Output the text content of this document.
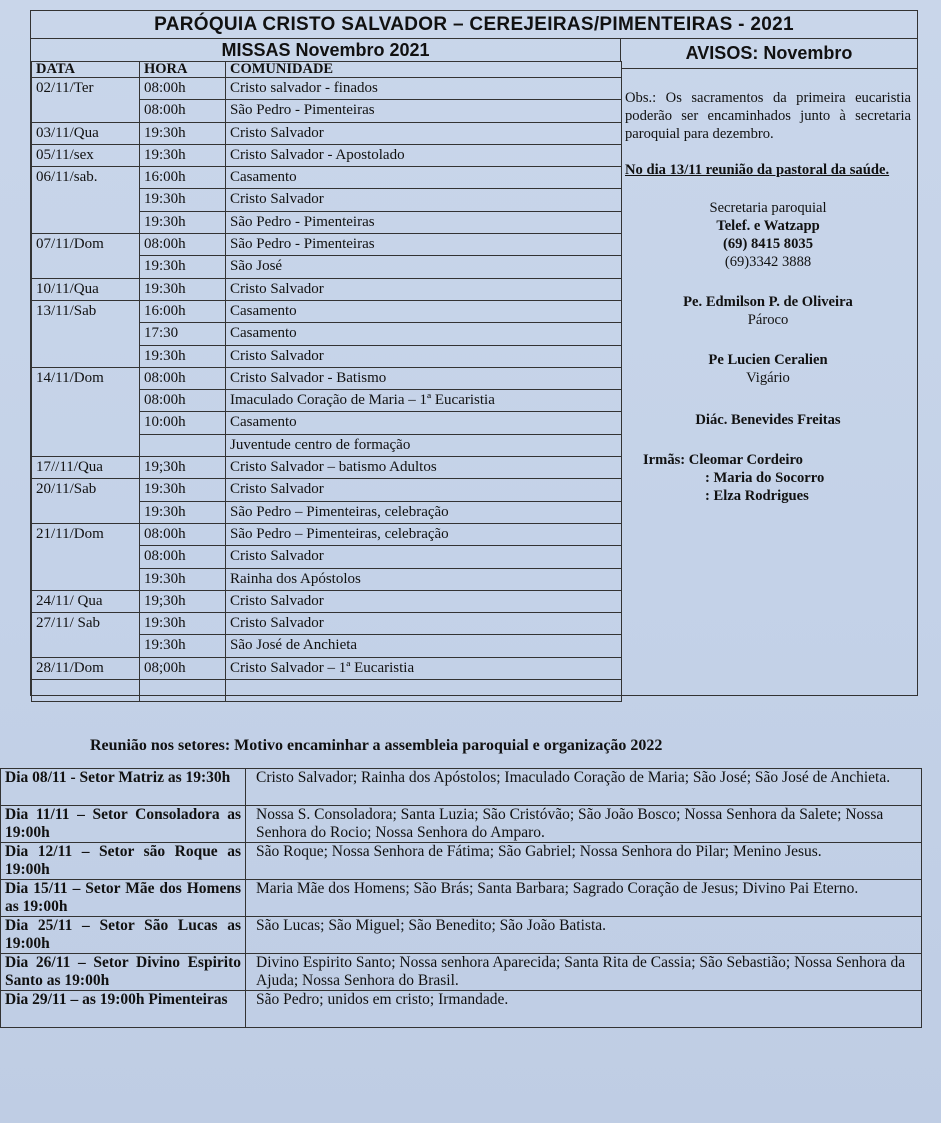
PARÓQUIA CRISTO SALVADOR – CEREJEIRAS/PIMENTEIRAS - 2021
MISSAS Novembro 2021	AVISOS: Novembro
DATA	HORA	COMUNIDADE
02/11/Ter	08:00h	Cristo salvador - finados
	08:00h	São Pedro - Pimenteiras
03/11/Qua	19:30h	Cristo Salvador
05/11/sex	19:30h	Cristo Salvador - Apostolado
06/11/sab.	16:00h	Casamento
	19:30h	Cristo Salvador
	19:30h	São Pedro - Pimenteiras
07/11/Dom	08:00h	São Pedro - Pimenteiras
	19:30h	São José
10/11/Qua	19:30h	Cristo Salvador
13/11/Sab	16:00h	Casamento
	17:30	Casamento
	19:30h	Cristo Salvador
14/11/Dom	08:00h	Cristo Salvador - Batismo
	08:00h	Imaculado Coração de Maria – 1ª Eucaristia
	10:00h	Casamento
		Juventude centro de formação
17//11/Qua	19;30h	Cristo Salvador – batismo Adultos
20/11/Sab	19:30h	Cristo Salvador
	19:30h	São Pedro – Pimenteiras, celebração
21/11/Dom	08:00h	São Pedro – Pimenteiras, celebração
	08:00h	Cristo Salvador
	19:30h	Rainha dos Apóstolos
24/11/ Qua	19;30h	Cristo Salvador
27/11/ Sab	19:30h	Cristo Salvador
	19:30h	São José de Anchieta
28/11/Dom	08;00h	Cristo Salvador – 1ª Eucaristia

Obs.: Os sacramentos da primeira eucaristia poderão ser encaminhados junto à secretaria paroquial para dezembro.
No dia 13/11 reunião da pastoral da saúde.
Secretaria paroquial
Telef. e Watzapp
(69) 8415 8035
(69)3342 3888
Pe. Edmilson P. de Oliveira
Pároco
Pe Lucien Ceralien
Vigário
Diác. Benevides Freitas
Irmãs: Cleomar Cordeiro
: Maria do Socorro
: Elza Rodrigues
Reunião nos setores: Motivo encaminhar a assembleia paroquial e organização 2022
Dia 08/11 - Setor Matriz as 19:30h	Cristo Salvador; Rainha dos Apóstolos; Imaculado Coração de Maria; São José; São José de Anchieta.
Dia 11/11 – Setor Consoladora as 19:00h	Nossa S. Consoladora; Santa Luzia; São Cristóvão; São João Bosco; Nossa Senhora da Salete; Nossa Senhora do Rocio; Nossa Senhora do Amparo.
Dia 12/11 – Setor são Roque as 19:00h	São Roque; Nossa Senhora de Fátima; São Gabriel; Nossa Senhora do Pilar; Menino Jesus.
Dia 15/11 – Setor Mãe dos Homens as 19:00h	Maria Mãe dos Homens; São Brás; Santa Barbara; Sagrado Coração de Jesus; Divino Pai Eterno.
Dia 25/11 – Setor São Lucas as 19:00h	São Lucas; São Miguel; São Benedito; São João Batista.
Dia 26/11 – Setor Divino Espirito Santo as 19:00h	Divino Espirito Santo; Nossa senhora Aparecida; Santa Rita de Cassia; São Sebastião; Nossa Senhora da Ajuda; Nossa Senhora do Brasil.
Dia 29/11 – as 19:00h Pimenteiras	São Pedro; unidos em cristo; Irmandade.
